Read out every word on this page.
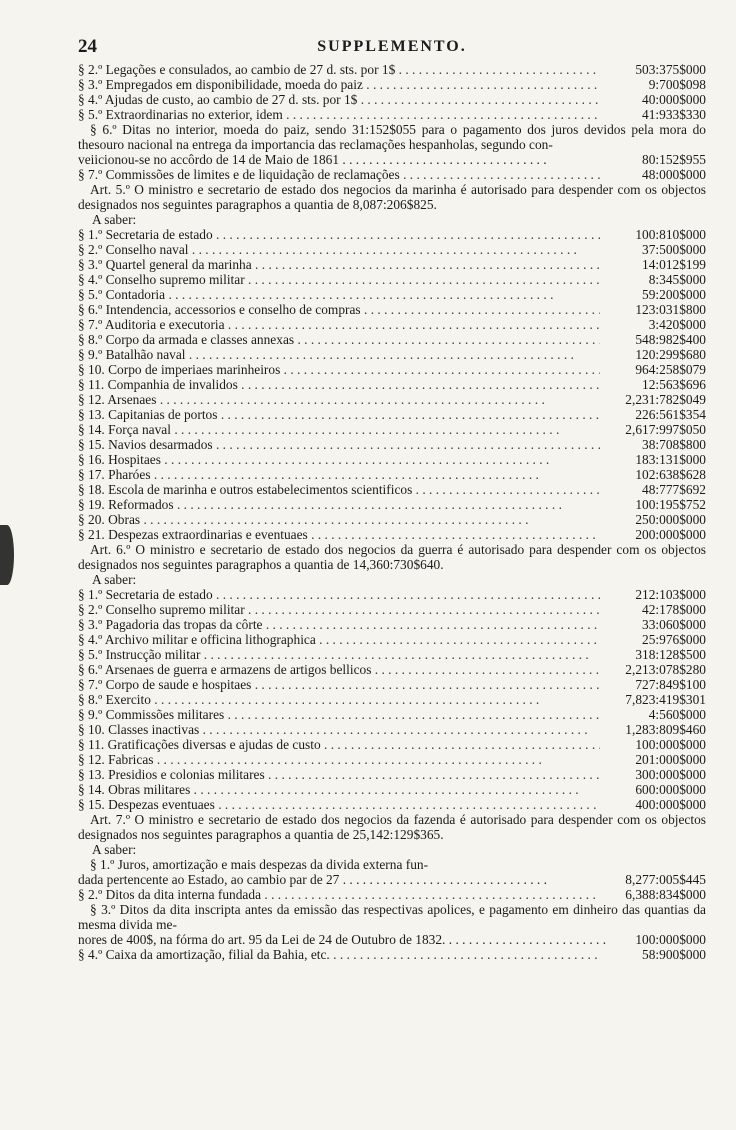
24	SUPPLEMENTO.
§ 2.º Legações e consulados, ao cambio de 27 d. sts. por 1$ . . .	503:375$000
§ 3.º Empregados em disponibilidade, moeda do paiz . . .	9:700$098
§ 4.º Ajudas de custo, ao cambio de 27 d. sts. por 1$ . . .	40:000$000
§ 5.º Extraordinarias no exterior, idem . . .	41:933$330
§ 6.º Ditas no interior, moeda do paiz, sendo 31:152$055 para o pagamento dos juros devidos pela mora do thesouro nacional na entrega da importancia das reclamações hespanholas, segundo con-
veiicionou-se no accôrdo de 14 de Maio de 1861 . . .	80:152$955
§ 7.º Commissões de limites e de liquidação de reclamações . . .	48:000$000
Art. 5.º O ministro e secretario de estado dos negocios da marinha é autorisado para despender com os objectos designados nos seguintes paragraphos a quantia de 8,087:206$825.
A saber:
§ 1.º Secretaria de estado . . .	100:810$000
§ 2.º Conselho naval . . .	37:500$000
§ 3.º Quartel general da marinha . . .	14:012$199
§ 4.º Conselho supremo militar . . .	8:345$000
§ 5.º Contadoria . . .	59:200$000
§ 6.º Intendencia, accessorios e conselho de compras . . .	123:031$800
§ 7.º Auditoria e executoria . . .	3:420$000
§ 8.º Corpo da armada e classes annexas . . .	548:982$400
§ 9.º Batalhão naval . . .	120:299$680
§ 10. Corpo de imperiaes marinheiros . . .	964:258$079
§ 11. Companhia de invalidos . . .	12:563$696
§ 12. Arsenaes . . .	2,231:782$049
§ 13. Capitanias de portos . . .	226:561$354
§ 14. Força naval . . .	2,617:997$050
§ 15. Navios desarmados . . .	38:708$800
§ 16. Hospitaes . . .	183:131$000
§ 17. Pharóes . . .	102:638$628
§ 18. Escola de marinha e outros estabelecimentos scientificos . . .	48:777$692
§ 19. Reformados . . .	100:195$752
§ 20. Obras . . .	250:000$000
§ 21. Despezas extraordinarias e eventuaes . . .	200:000$000
Art. 6.º O ministro e secretario de estado dos negocios da guerra é autorisado para despender com os objectos designados nos seguintes paragraphos a quantia de 14,360:730$640.
A saber:
§ 1.º Secretaria de estado . . .	212:103$000
§ 2.º Conselho supremo militar . . .	42:178$000
§ 3.º Pagadoria das tropas da côrte . . .	33:060$000
§ 4.º Archivo militar e officina lithographica . . .	25:976$000
§ 5.º Instrucção militar . . .	318:128$500
§ 6.º Arsenaes de guerra e armazens de artigos bellicos . . .	2,213:078$280
§ 7.º Corpo de saude e hospitaes . . .	727:849$100
§ 8.º Exercito . . .	7,823:419$301
§ 9.º Commissões militares . . .	4:560$000
§ 10. Classes inactivas . . .	1,283:809$460
§ 11. Gratificações diversas e ajudas de custo . . .	100:000$000
§ 12. Fabricas . . .	201:000$000
§ 13. Presidios e colonias militares . . .	300:000$000
§ 14. Obras militares . . .	600:000$000
§ 15. Despezas eventuaes . . .	400:000$000
Art. 7.º O ministro e secretario de estado dos negocios da fazenda é autorisado para despender com os objectos designados nos seguintes paragraphos a quantia de 25,142:129$365.
A saber:
§ 1.º Juros, amortização e mais despezas da divida externa fun-
dada pertencente ao Estado, ao cambio par de 27 . . .	8,277:005$445
§ 2.º Ditos da dita interna fundada . . .	6,388:834$000
§ 3.º Ditos da dita inscripta antes da emissão das respectivas apolices, e pagamento em dinheiro das quantias da mesma divida me-
nores de 400$, na fórma do art. 95 da Lei de 24 de Outubro de 1832. . . .	100:000$000
§ 4.º Caixa da amortização, filial da Bahia, etc. . . .	58:900$000
